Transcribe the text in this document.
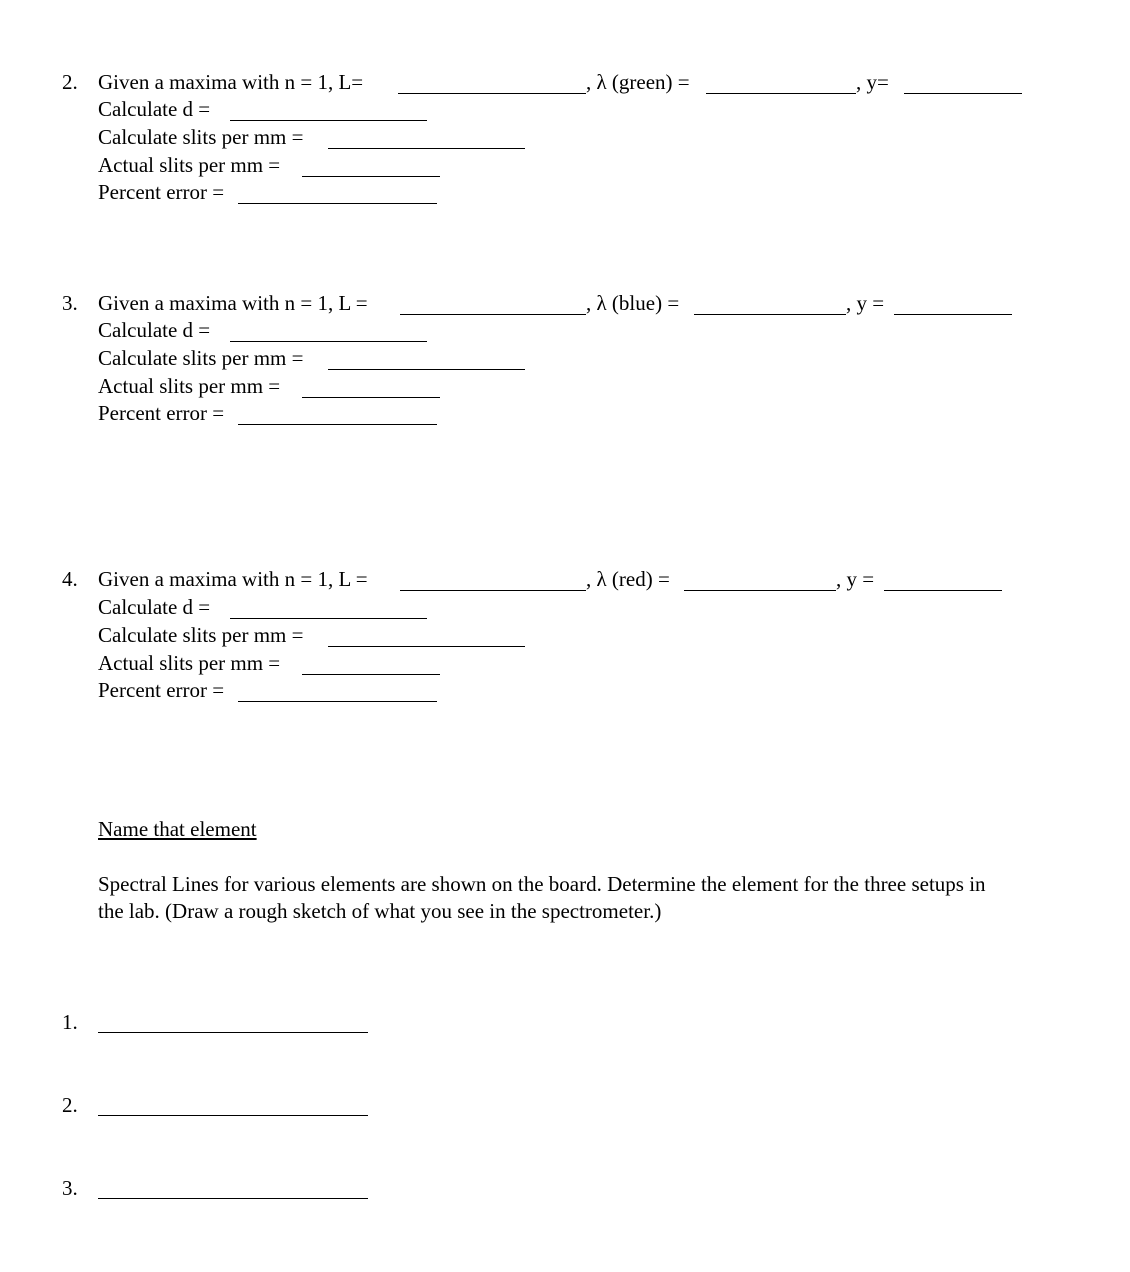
2. Given a maxima with n = 1, L=	, λ (green) =	, y=
Calculate d =
Calculate slits per mm =
Actual slits per mm =
Percent error =
3. Given a maxima with n = 1, L =	, λ (blue) =	, y =
Calculate d =
Calculate slits per mm =
Actual slits per mm =
Percent error =
4. Given a maxima with n = 1, L =	, λ (red) =	, y =
Calculate d =
Calculate slits per mm =
Actual slits per mm =
Percent error =
Name that element
Spectral Lines for various elements are shown on the board. Determine the element for the three setups in
the lab. (Draw a rough sketch of what you see in the spectrometer.)
1.
2.
3.
